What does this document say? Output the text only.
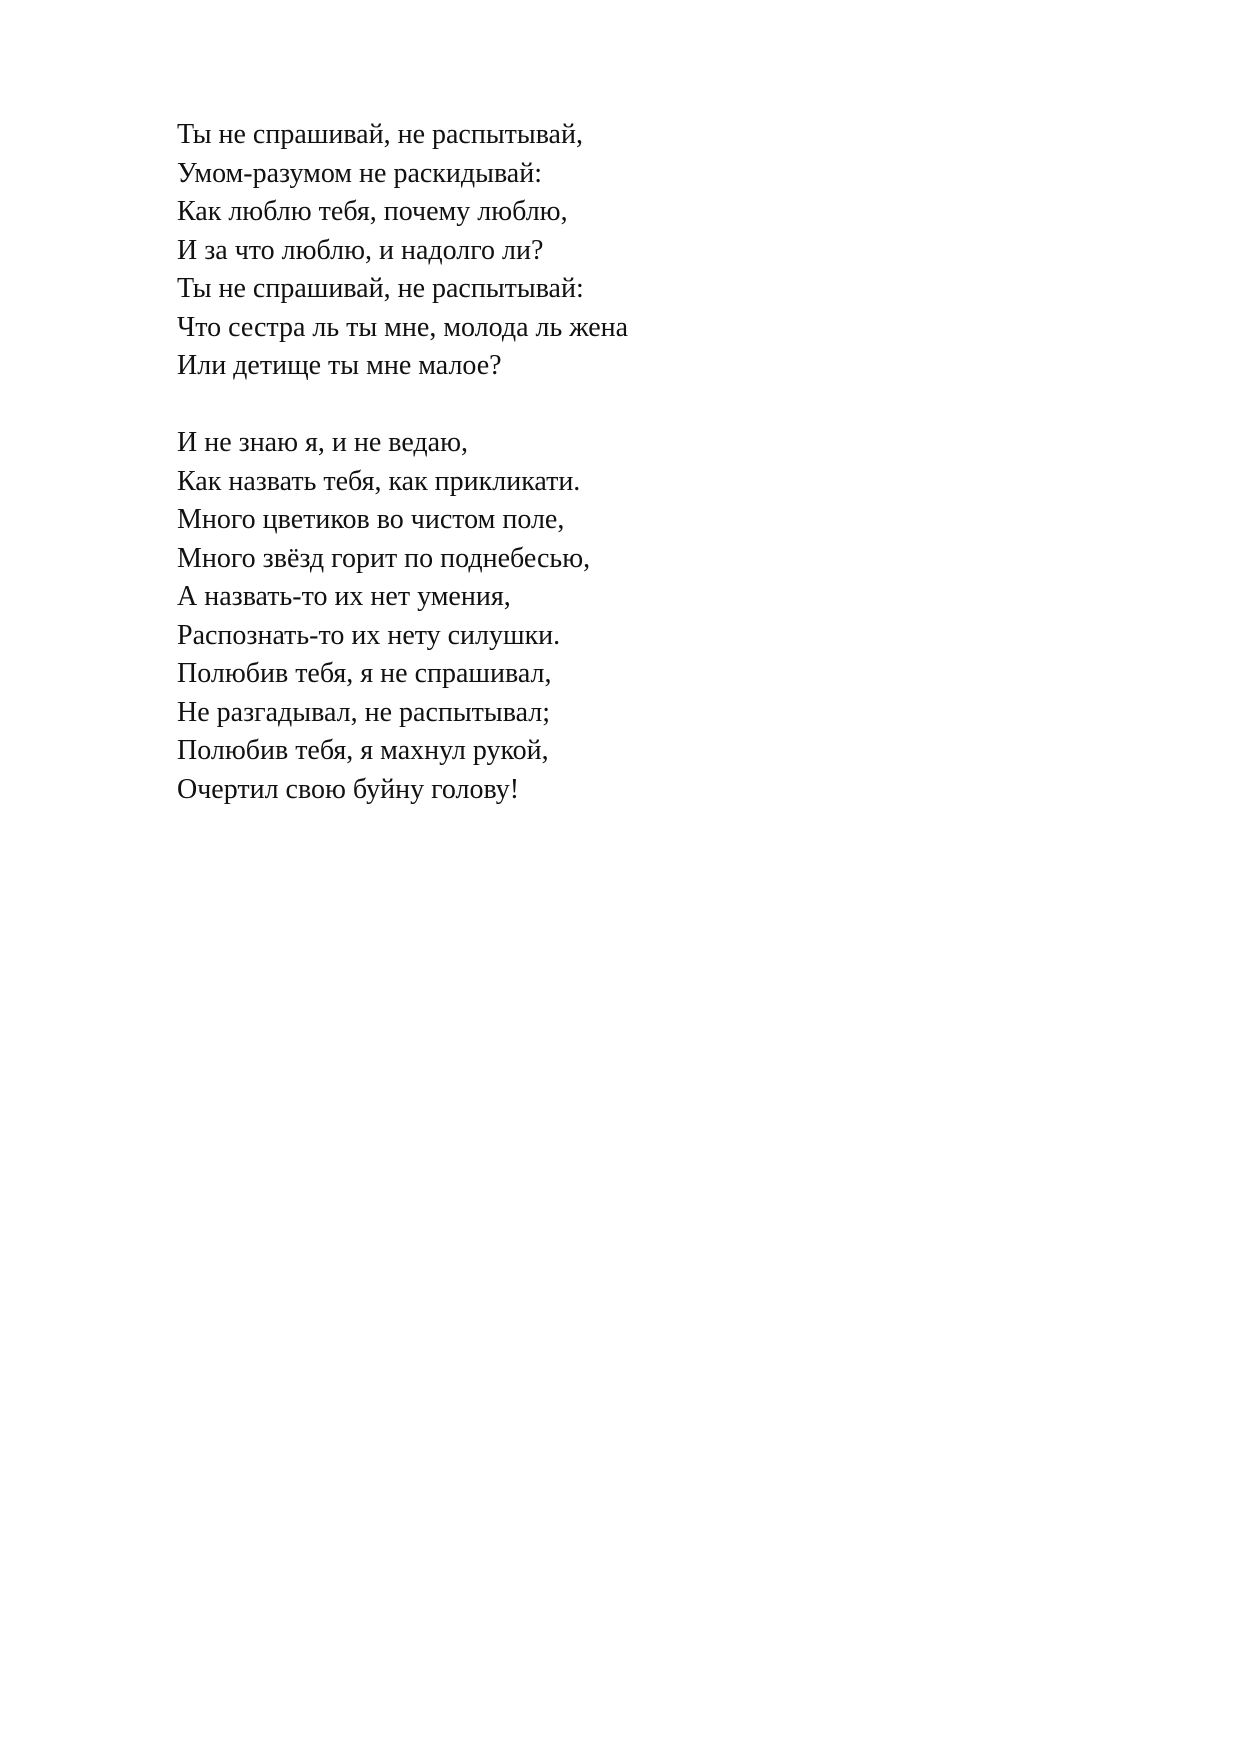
Ты не спрашивай, не распытывай,
Умом-разумом не раскидывай:
Как люблю тебя, почему люблю,
И за что люблю, и надолго ли?
Ты не спрашивай, не распытывай:
Что сестра ль ты мне, молода ль жена
Или детище ты мне малое?
И не знаю я, и не ведаю,
Как назвать тебя, как прикликати.
Много цветиков во чистом поле,
Много звёзд горит по поднебесью,
А назвать-то их нет умения,
Распознать-то их нету силушки.
Полюбив тебя, я не спрашивал,
Не разгадывал, не распытывал;
Полюбив тебя, я махнул рукой,
Очертил свою буйну голову!
